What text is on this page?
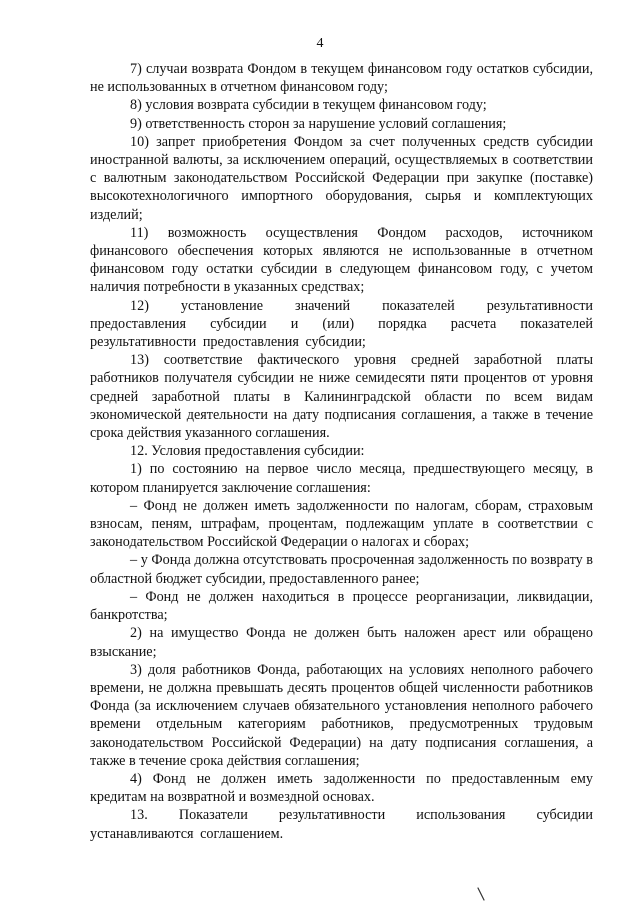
4

7) случаи возврата Фондом в текущем финансовом году остатков субсидии, не использованных в отчетном финансовом году;

8) условия возврата субсидии в текущем финансовом году;

9) ответственность сторон за нарушение условий соглашения;

10) запрет приобретения Фондом за счет полученных средств субсидии иностранной валюты, за исключением операций, осуществляемых в соответствии с валютным законодательством Российской Федерации при закупке (поставке) высокотехнологичного импортного оборудования, сырья и комплектующих изделий;

11) возможность осуществления Фондом расходов, источником финансового обеспечения которых являются не использованные в отчетном финансовом году остатки субсидии в следующем финансовом году, с учетом наличия потребности в указанных средствах;

12) установление значений показателей результативности предоставления субсидии и (или) порядка расчета показателей результативности предоставления субсидии;

13) соответствие фактического уровня средней заработной платы работников получателя субсидии не ниже семидесяти пяти процентов от уровня средней заработной платы в Калининградской области по всем видам экономической деятельности на дату подписания соглашения, а также в течение срока действия указанного соглашения.

12. Условия предоставления субсидии:

1) по состоянию на первое число месяца, предшествующего месяцу, в котором планируется заключение соглашения:

– Фонд не должен иметь задолженности по налогам, сборам, страховым взносам, пеням, штрафам, процентам, подлежащим уплате в соответствии с законодательством Российской Федерации о налогах и сборах;

– у Фонда должна отсутствовать просроченная задолженность по возврату в областной бюджет субсидии, предоставленного ранее;

– Фонд не должен находиться в процессе реорганизации, ликвидации, банкротства;

2) на имущество Фонда не должен быть наложен арест или обращено взыскание;

3) доля работников Фонда, работающих на условиях неполного рабочего времени, не должна превышать десять процентов общей численности работников Фонда (за исключением случаев обязательного установления неполного рабочего времени отдельным категориям работников, предусмотренных трудовым законодательством Российской Федерации) на дату подписания соглашения, а также в течение срока действия соглашения;

4) Фонд не должен иметь задолженности по предоставленным ему кредитам на возвратной и возмездной основах.

13. Показатели результативности использования субсидии устанавливаются соглашением.
